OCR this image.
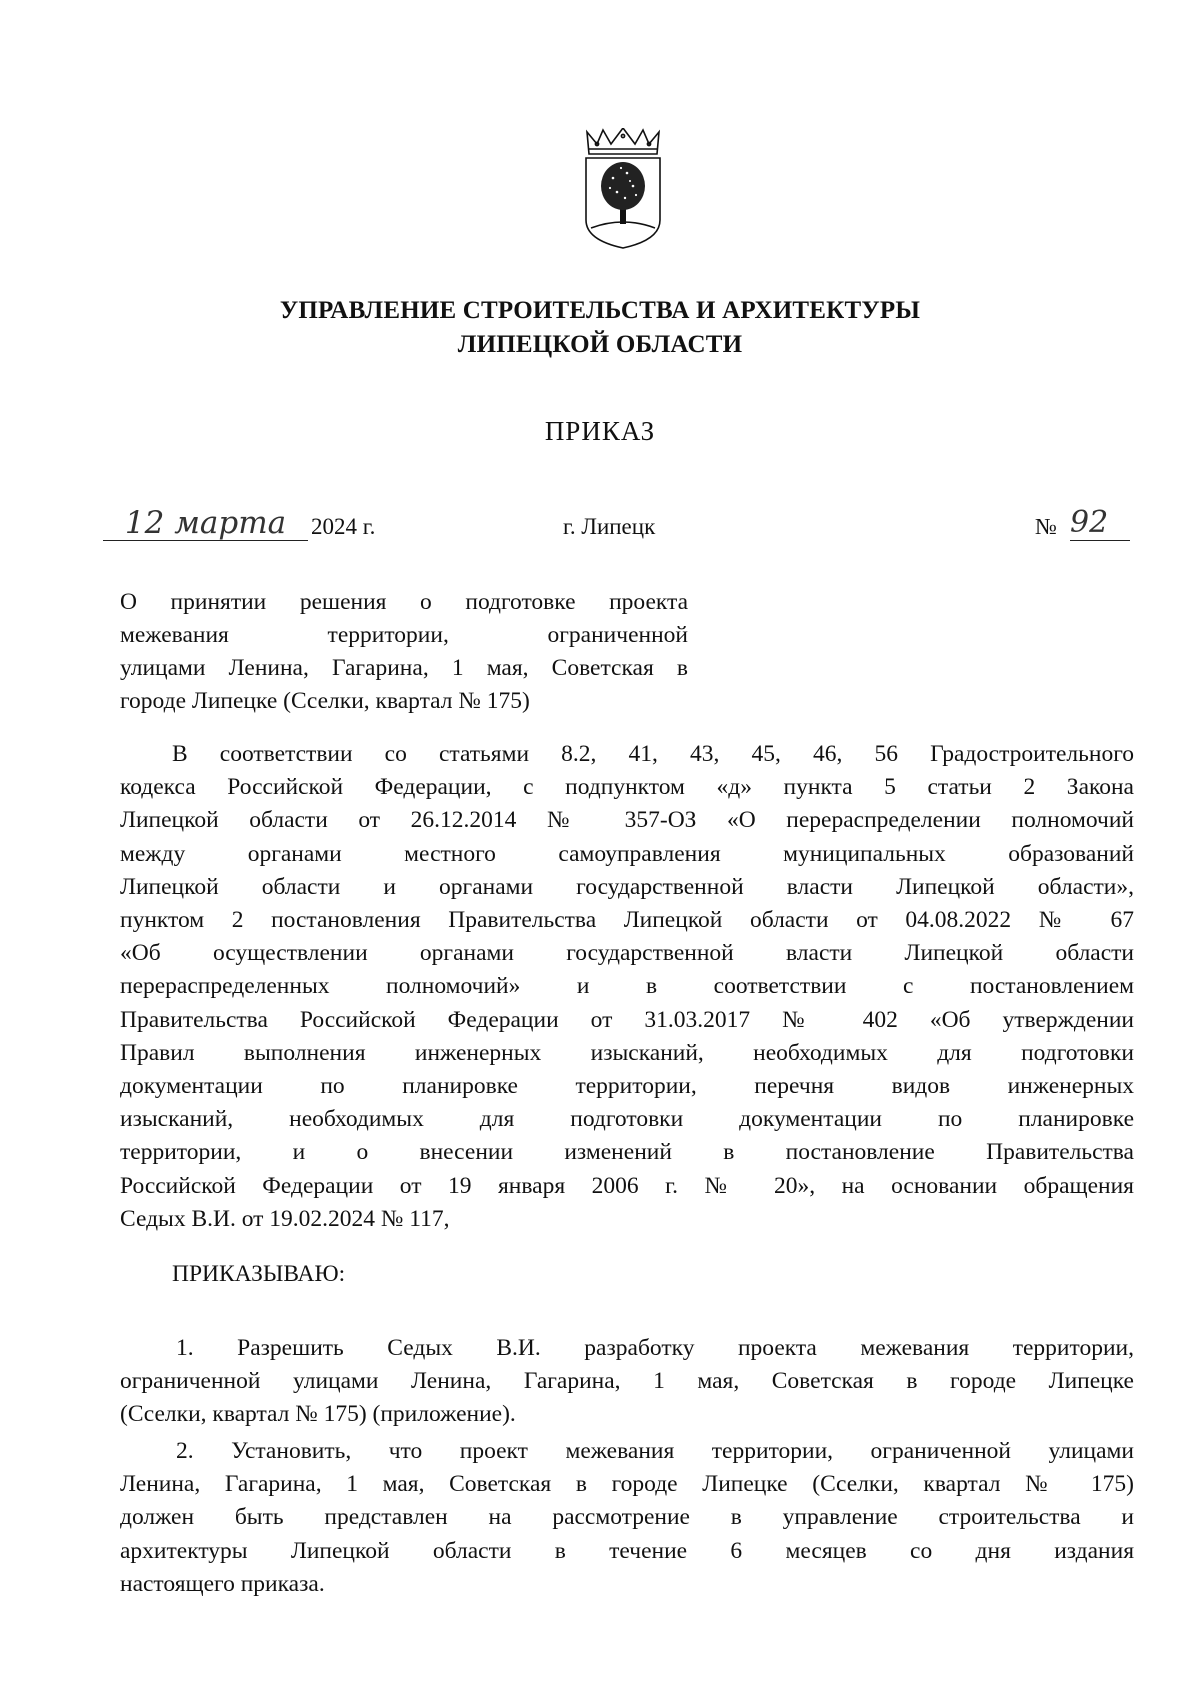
УПРАВЛЕНИЕ СТРОИТЕЛЬСТВА И АРХИТЕКТУРЫ
ЛИПЕЦКОЙ ОБЛАСТИ
ПРИКАЗ
12 марта	2024 г.	г. Липецк	№ 92
О принятии решения о подготовке проекта
межевания территории, ограниченной
улицами Ленина, Гагарина, 1 мая, Советская в
городе Липецке (Сселки, квартал № 175)
В соответствии со статьями 8.2, 41, 43, 45, 46, 56 Градостроительного
кодекса Российской Федерации, с подпунктом «д» пункта 5 статьи 2 Закона
Липецкой области от 26.12.2014 № 357-ОЗ «О перераспределении полномочий
между органами местного самоуправления муниципальных образований
Липецкой области и органами государственной власти Липецкой области»,
пунктом 2 постановления Правительства Липецкой области от 04.08.2022 № 67
«Об осуществлении органами государственной власти Липецкой области
перераспределенных полномочий» и в соответствии с постановлением
Правительства Российской Федерации от 31.03.2017 № 402 «Об утверждении
Правил выполнения инженерных изысканий, необходимых для подготовки
документации по планировке территории, перечня видов инженерных
изысканий, необходимых для подготовки документации по планировке
территории, и о внесении изменений в постановление Правительства
Российской Федерации от 19 января 2006 г. № 20», на основании обращения
Седых В.И. от 19.02.2024 № 117,
ПРИКАЗЫВАЮ:
1. Разрешить Седых В.И. разработку проекта межевания территории,
ограниченной улицами Ленина, Гагарина, 1 мая, Советская в городе Липецке
(Сселки, квартал № 175) (приложение).
2. Установить, что проект межевания территории, ограниченной улицами
Ленина, Гагарина, 1 мая, Советская в городе Липецке (Сселки, квартал № 175)
должен быть представлен на рассмотрение в управление строительства и
архитектуры Липецкой области в течение 6 месяцев со дня издания
настоящего приказа.
